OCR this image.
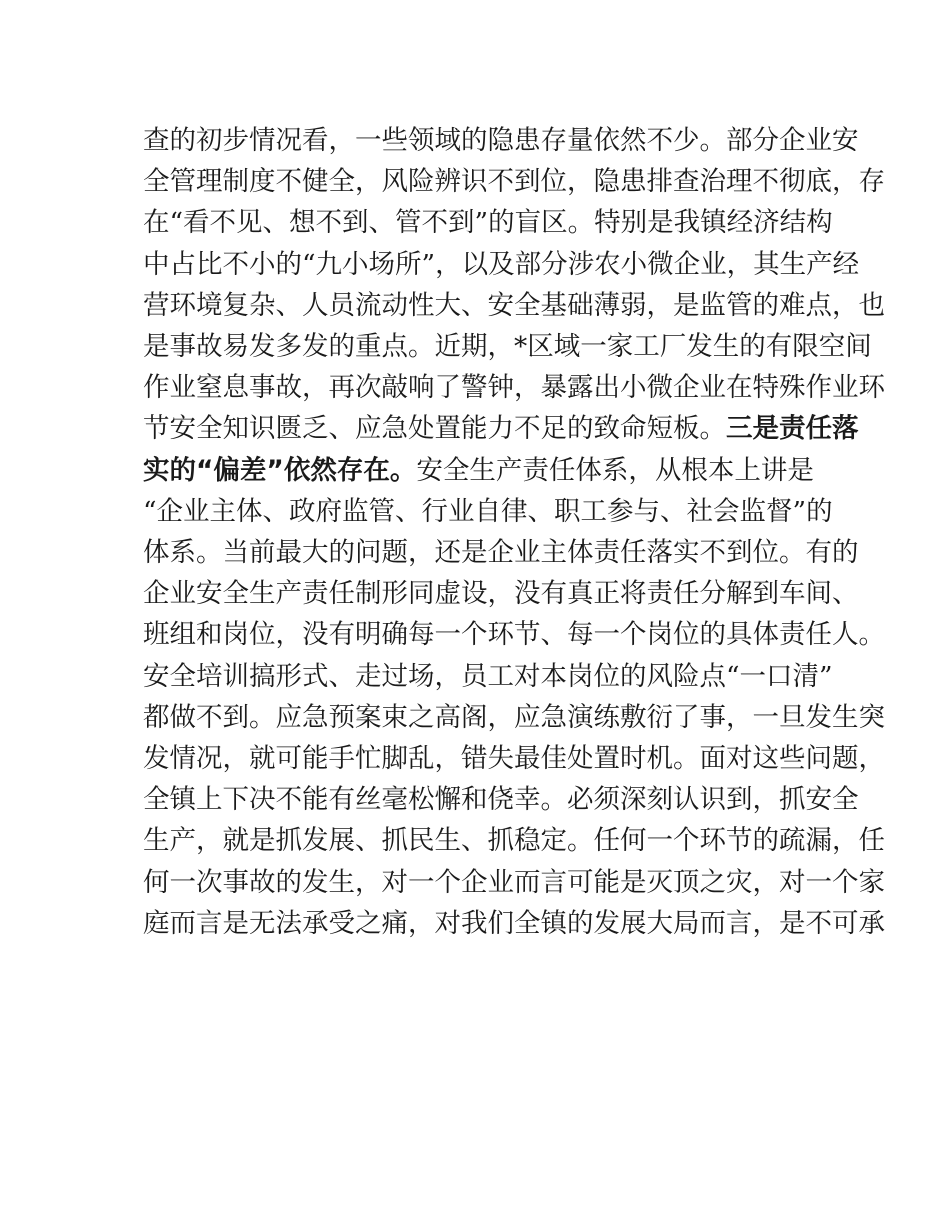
查的初步情况看，一些领域的隐患存量依然不少。部分企业安
全管理制度不健全，风险辨识不到位，隐患排查治理不彻底，存
在“看不见、想不到、管不到”的盲区。特别是我镇经济结构
中占比不小的“九小场所”，以及部分涉农小微企业，其生产经
营环境复杂、人员流动性大、安全基础薄弱，是监管的难点，也
是事故易发多发的重点。近期，*区域一家工厂发生的有限空间
作业窒息事故，再次敲响了警钟，暴露出小微企业在特殊作业环
节安全知识匮乏、应急处置能力不足的致命短板。三是责任落
实的“偏差”依然存在。安全生产责任体系，从根本上讲是
“企业主体、政府监管、行业自律、职工参与、社会监督”的
体系。当前最大的问题，还是企业主体责任落实不到位。有的
企业安全生产责任制形同虚设，没有真正将责任分解到车间、
班组和岗位，没有明确每一个环节、每一个岗位的具体责任人。
安全培训搞形式、走过场，员工对本岗位的风险点“一口清”
都做不到。应急预案束之高阁，应急演练敷衍了事，一旦发生突
发情况，就可能手忙脚乱，错失最佳处置时机。面对这些问题，
全镇上下决不能有丝毫松懈和侥幸。必须深刻认识到，抓安全
生产，就是抓发展、抓民生、抓稳定。任何一个环节的疏漏，任
何一次事故的发生，对一个企业而言可能是灭顶之灾，对一个家
庭而言是无法承受之痛，对我们全镇的发展大局而言，是不可承
